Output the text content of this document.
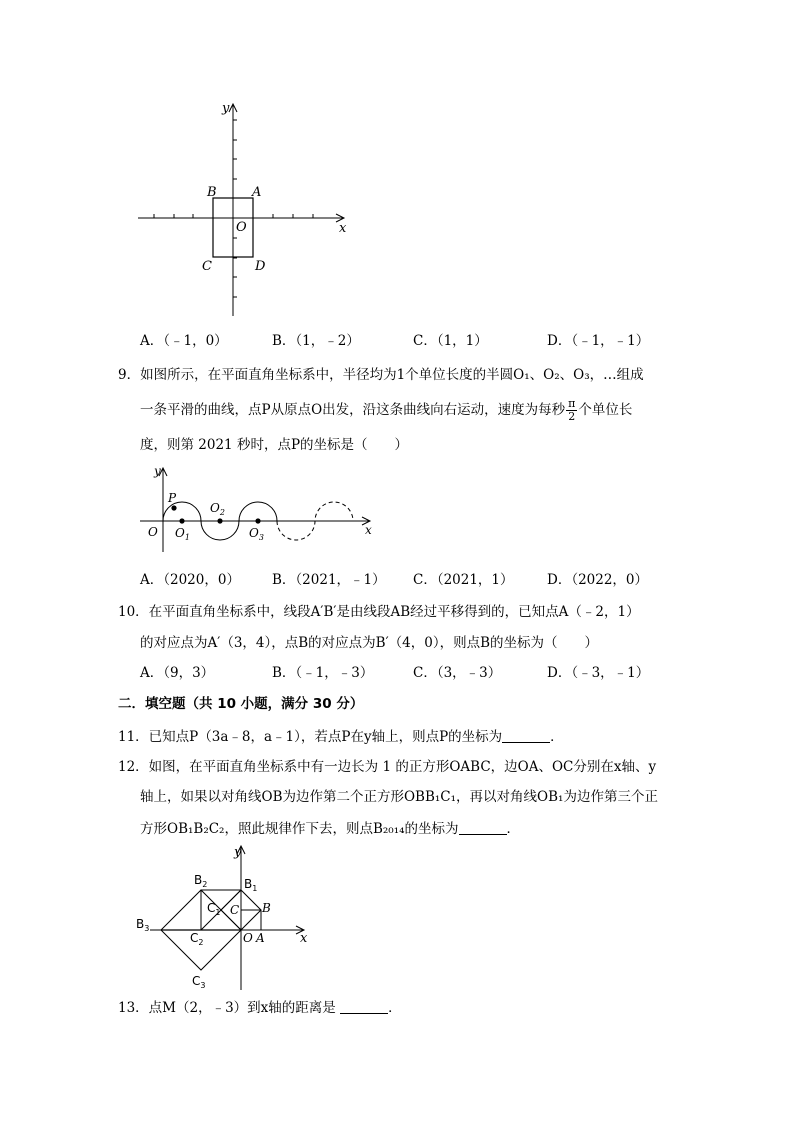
y
x
B	A
O
C	D
A．（﹣1，0）	B．（1，﹣2）	C．（1，1）	D．（﹣1，﹣1）
9．如图所示，在平面直角坐标系中，半径均为1个单位长度的半圆O₁、O₂、O₃，…组成
一条平滑的曲线，点P从原点O出发，沿这条曲线向右运动，速度为每秒 $\frac{\pi}{2}$ 个单位长
度，则第 2021 秒时，点P的坐标是（　　）
y
x
O
P
$O_1$
$O_2$
$O_3$
A．（2020，0） B．（2021，﹣1） C．（2021，1） D．（2022，0）
10．在平面直角坐标系中，线段A′B′是由线段AB经过平移得到的，已知点A（﹣2，1）
的对应点为A′（3，4），点B的对应点为B′（4，0），则点B的坐标为（　　）
A．（9，3）	B．（﹣1，﹣3）	C．（3，﹣3）	D．（﹣3，﹣1）
二．填空题（共 10 小题，满分 30 分）
11．已知点P（3a﹣8，a﹣1），若点P在y轴上，则点P的坐标为	．
12．如图，在平面直角坐标系中有一边长为 1 的正方形OABC，边OA、OC分别在x轴、y
轴上，如果以对角线OB为边作第二个正方形OBB₁C₁，再以对角线OB₁为边作第三个正
方形OB₁B₂C₂，照此规律作下去，则点B₂₀₁₄的坐标为	．
y
x
$B_2$	$B_1$
$C_1$ C B
$B_3$
$C_2$	O A
$C_3$
13．点M（2，﹣3）到x轴的距离是	．
